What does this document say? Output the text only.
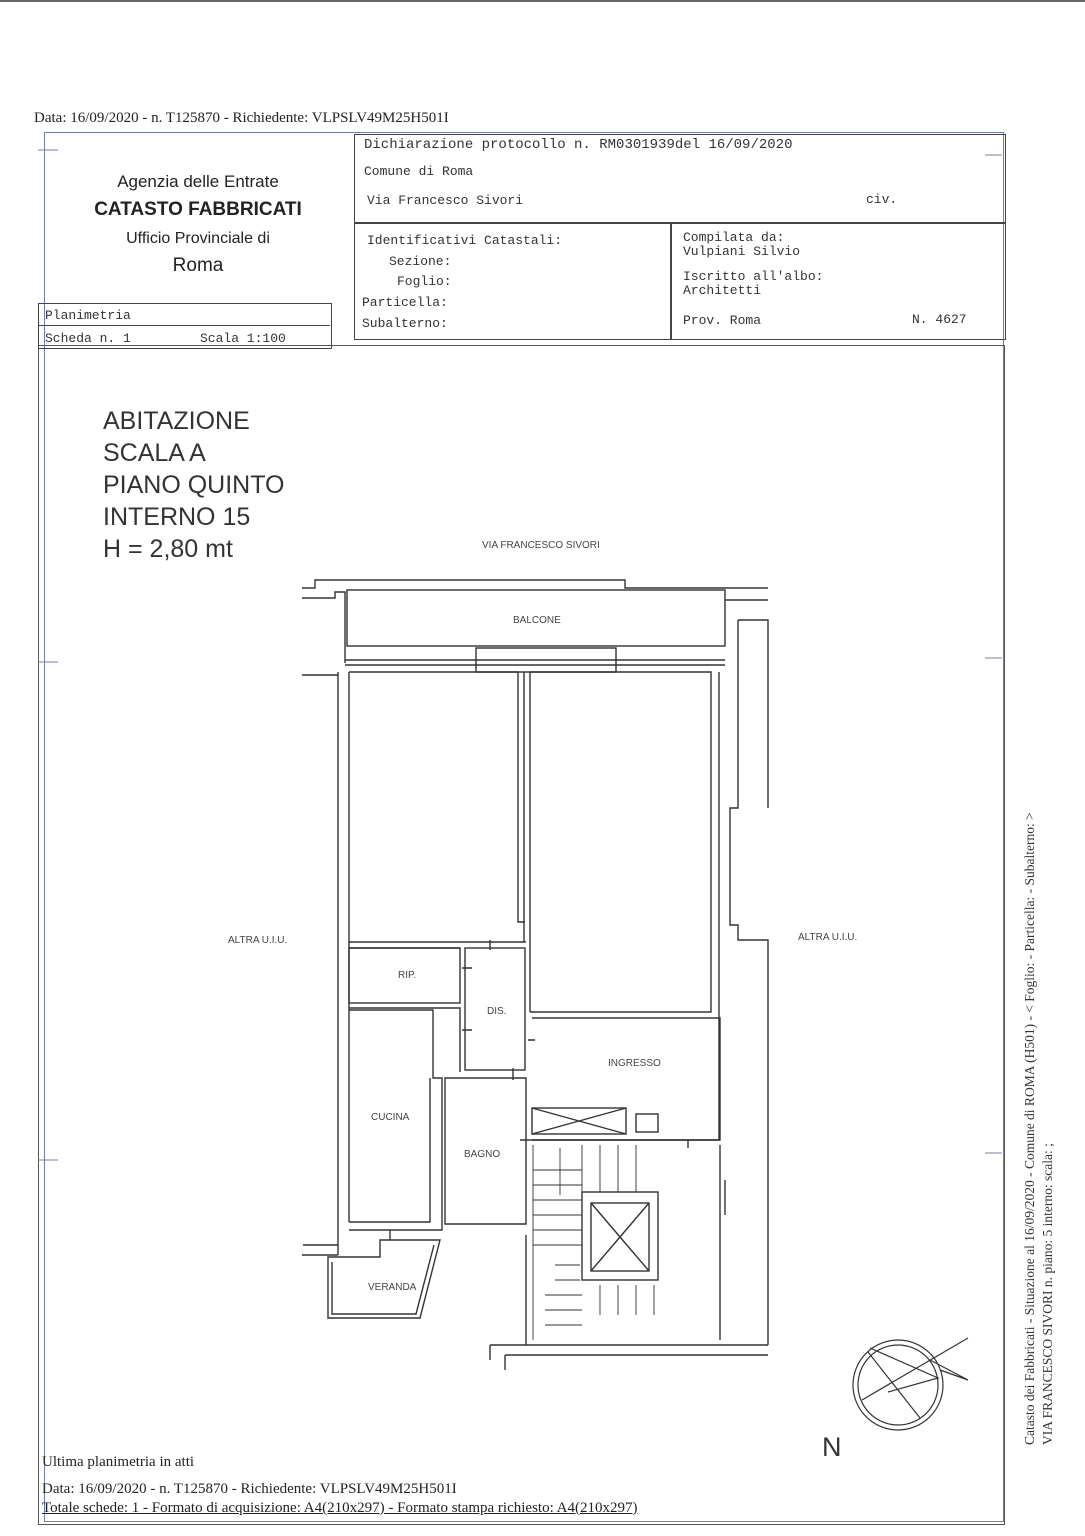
Data: 16/09/2020 - n. T125870 - Richiedente: VLPSLV49M25H501I
Agenzia delle Entrate
CATASTO FABBRICATI
Ufficio Provinciale di
Roma
Dichiarazione protocollo n. RM0301939del 16/09/2020
Comune di Roma
Via Francesco Sivori	civ.
Identificativi Catastali:
Sezione:
Foglio:
Particella:
Subalterno:
Compilata da:
Vulpiani Silvio
Iscritto all'albo:
Architetti
Prov. Roma	N. 4627
Planimetria
Scheda n. 1	Scala 1:100
ABITAZIONE
SCALA A
PIANO QUINTO
INTERNO 15
H = 2,80 mt	VIA FRANCESCO SIVORI
BALCONE
ALTRA U.I.U.	ALTRA U.I.U.
RIP.
DIS.
INGRESSO
CUCINA
BAGNO
VERANDA
N
Catasto dei Fabbricati - Situazione al 16/09/2020 - Comune di ROMA (H501) - < Foglio: - Particella: - Subalterno: > VIA FRANCESCO SIVORI n. piano: 5 interno: scala: ;
Ultima planimetria in atti
Data: 16/09/2020 - n. T125870 - Richiedente: VLPSLV49M25H501I
Totale schede: 1 - Formato di acquisizione: A4(210x297) - Formato stampa richiesto: A4(210x297)
